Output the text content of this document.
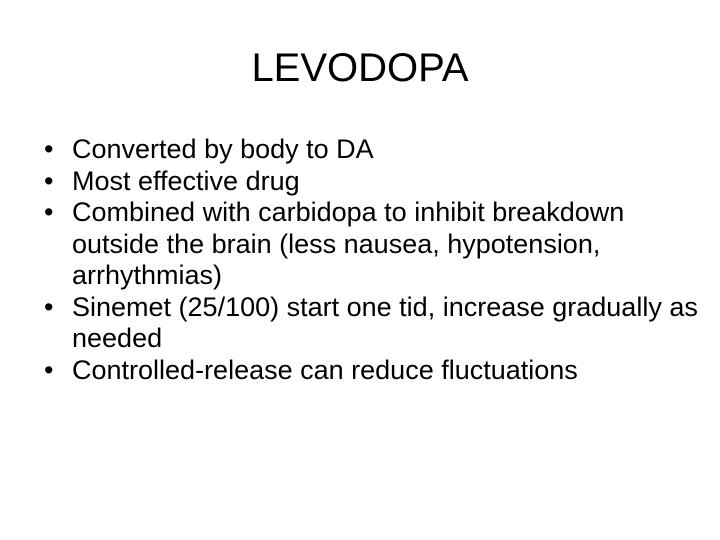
LEVODOPA
• Converted by body to DA
• Most effective drug
• Combined with carbidopa to inhibit breakdown outside the brain (less nausea, hypotension, arrhythmias)
• Sinemet (25/100) start one tid, increase gradually as needed
• Controlled-release can reduce fluctuations
